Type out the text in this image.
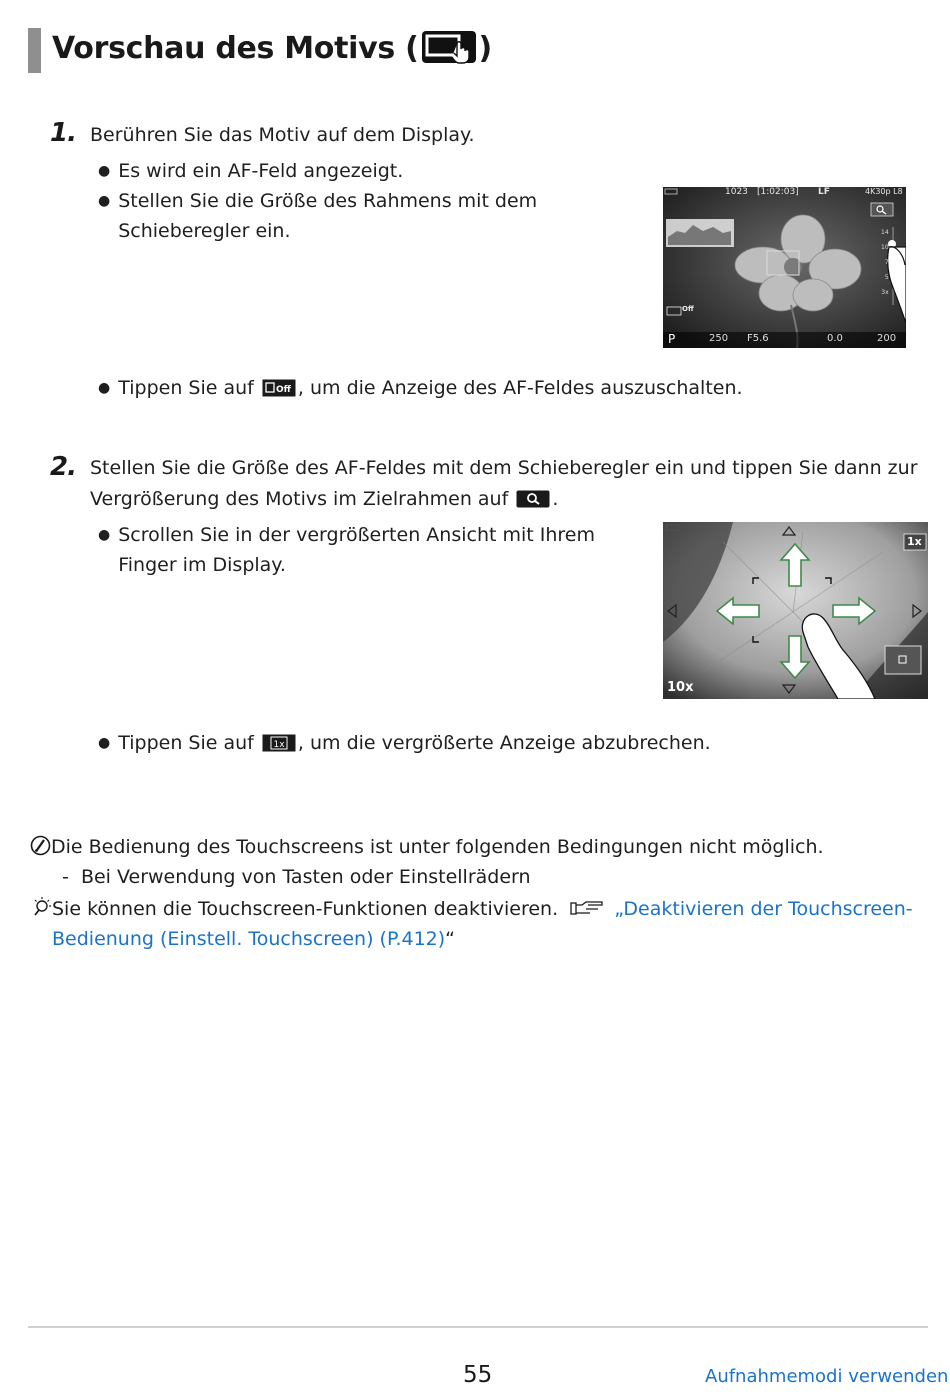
Vorschau des Motivs ( )
1. Berühren Sie das Motiv auf dem Display.
● Es wird ein AF-Feld angezeigt.
● Stellen Sie die Größe des Rahmens mit dem Schieberegler ein.
1023 [1:02:03] LF	4K30p L8
14
10
7
5
3x
Off
P	250 F5.6	0.0	200
● Tippen Sie auf Off , um die Anzeige des AF-Feldes auszuschalten.
2. Stellen Sie die Größe des AF-Feldes mit dem Schieberegler ein und tippen Sie dann zur
Vergrößerung des Motivs im Zielrahmen auf .
● Scrollen Sie in der vergrößerten Ansicht mit Ihrem Finger im Display.
1x
10x
● Tippen Sie auf 1x , um die vergrößerte Anzeige abzubrechen.
Die Bedienung des Touchscreens ist unter folgenden Bedingungen nicht möglich.
-  Bei Verwendung von Tasten oder Einstellrädern
Sie können die Touchscreen-Funktionen deaktivieren.	„Deaktivieren der Touchscreen-
Bedienung (Einstell. Touchscreen) (P.412)“
55	Aufnahmemodi verwenden
